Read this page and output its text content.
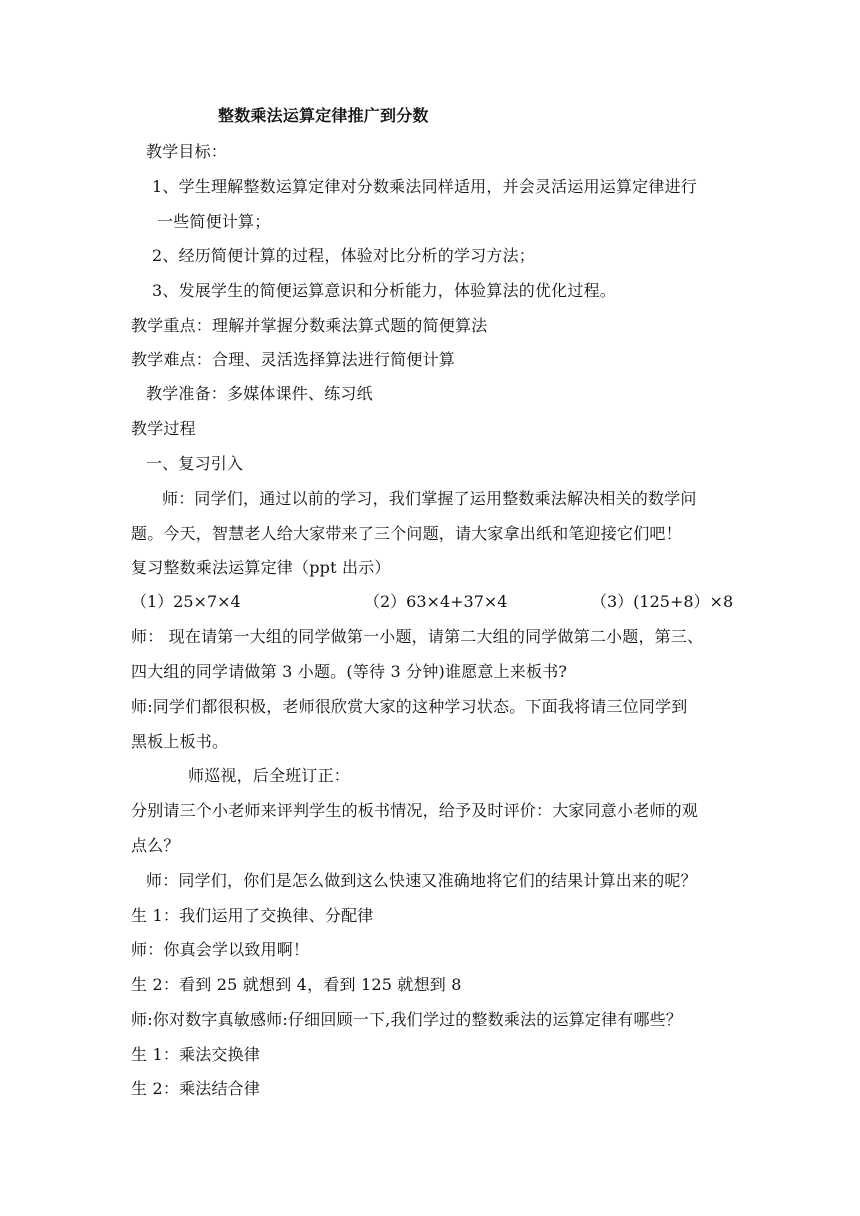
整数乘法运算定律推广到分数
教学目标：
1、学生理解整数运算定律对分数乘法同样适用，并会灵活运用运算定律进行
一些简便计算；
2、经历简便计算的过程，体验对比分析的学习方法；
3、发展学生的简便运算意识和分析能力，体验算法的优化过程。
教学重点：理解并掌握分数乘法算式题的简便算法
教学难点：合理、灵活选择算法进行简便计算
教学准备：多媒体课件、练习纸
教学过程
一、复习引入
师：同学们，通过以前的学习，我们掌握了运用整数乘法解决相关的数学问
题。今天，智慧老人给大家带来了三个问题，请大家拿出纸和笔迎接它们吧！
复习整数乘法运算定律（ppt 出示）
（1）25×7×4	（2）63×4+37×4	（3）(125+8）×8
师： 现在请第一大组的同学做第一小题，请第二大组的同学做第二小题，第三、
四大组的同学请做第 3 小题。(等待 3 分钟)谁愿意上来板书?
师:同学们都很积极，老师很欣赏大家的这种学习状态。下面我将请三位同学到
黑板上板书。
师巡视，后全班订正：
分别请三个小老师来评判学生的板书情况，给予及时评价：大家同意小老师的观
点么？
师：同学们，你们是怎么做到这么快速又准确地将它们的结果计算出来的呢？
生 1：我们运用了交换律、分配律
师：你真会学以致用啊！
生 2：看到 25 就想到 4，看到 125 就想到 8
师:你对数字真敏感师:仔细回顾一下,我们学过的整数乘法的运算定律有哪些？
生 1：乘法交换律
生 2：乘法结合律
